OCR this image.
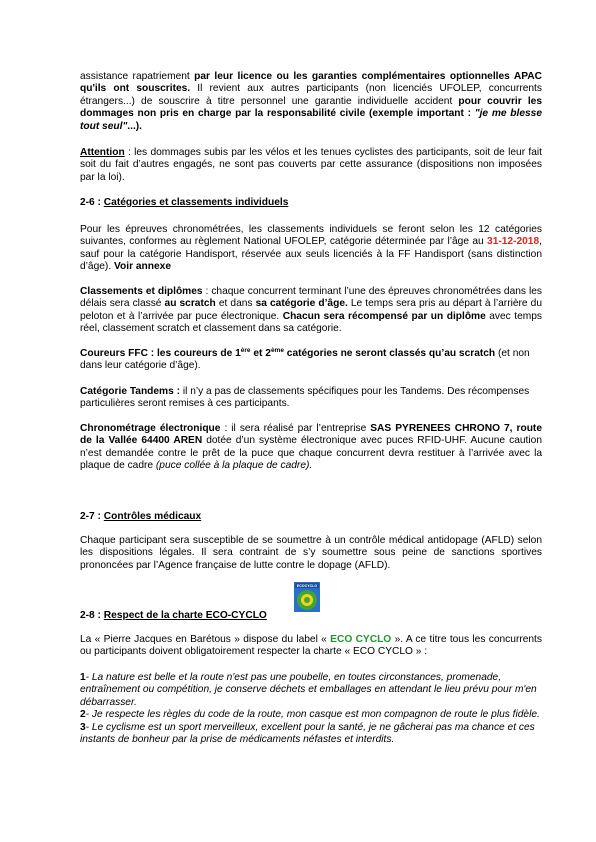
assistance rapatriement par leur licence ou les garanties complémentaires optionnelles APAC qu'ils ont souscrites. Il revient aux autres participants (non licenciés UFOLEP, concurrents étrangers...) de souscrire à titre personnel une garantie individuelle accident pour couvrir les dommages non pris en charge par la responsabilité civile (exemple important : "je me blesse tout seul"...).

Attention : les dommages subis par les vélos et les tenues cyclistes des participants, soit de leur fait soit du fait d’autres engagés, ne sont pas couverts par cette assurance (dispositions non imposées par la loi).

2-6 : Catégories et classements individuels

Pour les épreuves chronométrées, les classements individuels se feront selon les 12 catégories suivantes, conformes au règlement National UFOLEP, catégorie déterminée par l’âge au 31-12-2018, sauf pour la catégorie Handisport, réservée aux seuls licenciés à la FF Handisport (sans distinction d’âge). Voir annexe

Classements et diplômes : chaque concurrent terminant l’une des épreuves chronométrées dans les délais sera classé au scratch et dans sa catégorie d’âge. Le temps sera pris au départ à l’arrière du peloton et à l’arrivée par puce électronique. Chacun sera récompensé par un diplôme avec temps réel, classement scratch et classement dans sa catégorie.

Coureurs FFC : les coureurs de 1ère et 2ème catégories ne seront classés qu’au scratch (et non dans leur catégorie d’âge).

Catégorie Tandems : il n’y a pas de classements spécifiques pour les Tandems. Des récompenses particulières seront remises à ces participants.

Chronométrage électronique : il sera réalisé par l’entreprise SAS PYRENEES CHRONO 7, route de la Vallée 64400 AREN dotée d’un système électronique avec puces RFID-UHF. Aucune caution n’est demandée contre le prêt de la puce que chaque concurrent devra restituer à l’arrivée avec la plaque de cadre (puce collée à la plaque de cadre).

2-7 : Contrôles médicaux

Chaque participant sera susceptible de se soumettre à un contrôle médical antidopage (AFLD) selon les dispositions légales. Il sera contraint de s’y soumettre sous peine de sanctions sportives prononcées par l’Agence française de lutte contre le dopage (AFLD).

ECOCYCLO

2-8 : Respect de la charte ECO-CYCLO

La « Pierre Jacques en Barétous » dispose du label « ECO CYCLO ». A ce titre tous les concurrents ou participants doivent obligatoirement respecter la charte « ECO CYCLO » :

1- La nature est belle et la route n'est pas une poubelle, en toutes circonstances, promenade, entraînement ou compétition, je conserve déchets et emballages en attendant le lieu prévu pour m'en débarrasser.

2- Je respecte les règles du code de la route, mon casque est mon compagnon de route le plus fidèle.

3- Le cyclisme est un sport merveilleux, excellent pour la santé, je ne gâcherai pas ma chance et ces instants de bonheur par la prise de médicaments néfastes et interdits.
